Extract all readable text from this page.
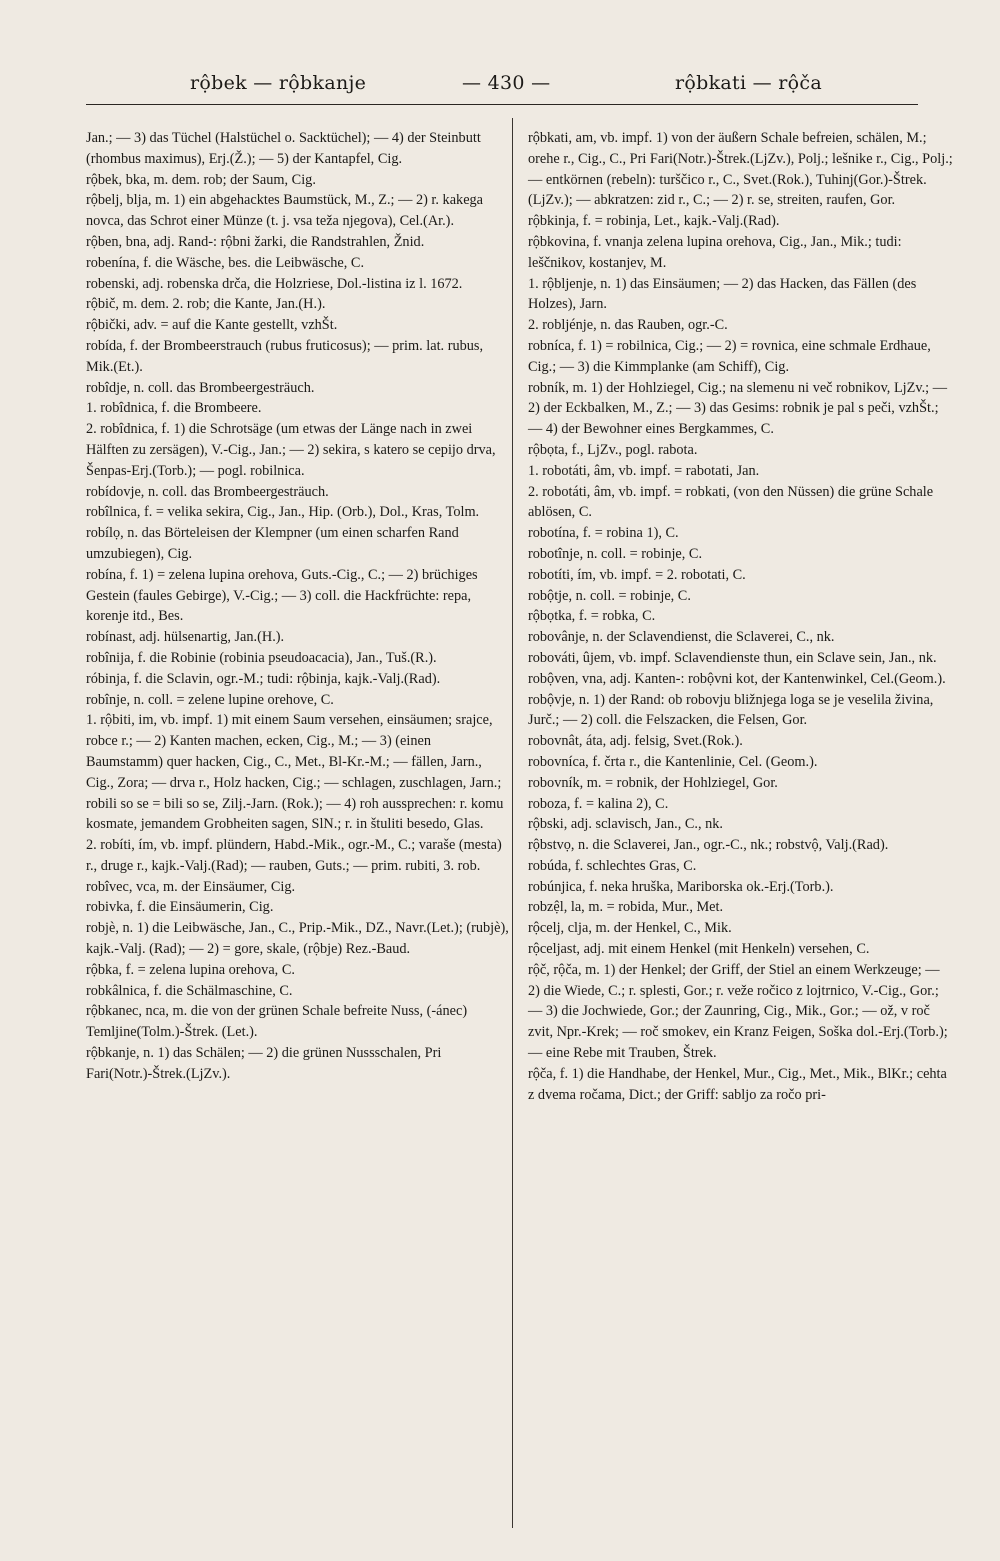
rộbek — rộbkanje	— 430 —	rộbkati — rộča

Jan.; — 3) das Tüchel (Halstüchel o. Sacktüchel); — 4) der Steinbutt (rhombus maximus), Erj.(Ž.); — 5) der Kantapfel, Cig.

rộbek, bka, m. dem. rob; der Saum, Cig.

rộbelj, blja, m. 1) ein abgehacktes Baumstück, M., Z.; — 2) r. kakega novca, das Schrot einer Münze (t. j. vsa teža njegova), Cel.(Ar.).

rộben, bna, adj. Rand-: rộbni žarki, die Randstrahlen, Žnid.

robenína, f. die Wäsche, bes. die Leibwäsche, C.

robenski, adj. robenska drča, die Holzriese, Dol.-listina iz l. 1672.

rộbič, m. dem. 2. rob; die Kante, Jan.(H.).

rộbički, adv. = auf die Kante gestellt, vzhŠt.

robída, f. der Brombeerstrauch (rubus fruticosus); — prim. lat. rubus, Mik.(Et.).

robîdje, n. coll. das Brombeergesträuch.

1. robîdnica, f. die Brombeere.

2. robîdnica, f. 1) die Schrotsäge (um etwas der Länge nach in zwei Hälften zu zersägen), V.-Cig., Jan.; — 2) sekira, s katero se cepijo drva, Šenpas-Erj.(Torb.); — pogl. robilnica.

robídovje, n. coll. das Brombeergesträuch.

robîlnica, f. = velika sekira, Cig., Jan., Hip. (Orb.), Dol., Kras, Tolm.

robílọ, n. das Börteleisen der Klempner (um einen scharfen Rand umzubiegen), Cig.

robína, f. 1) = zelena lupina orehova, Guts.-Cig., C.; — 2) brüchiges Gestein (faules Gebirge), V.-Cig.; — 3) coll. die Hackfrüchte: repa, korenje itd., Bes.

robínast, adj. hülsenartig, Jan.(H.).

robînija, f. die Robinie (robinia pseudoacacia), Jan., Tuš.(R.).

róbinja, f. die Sclavin, ogr.-M.; tudi: rộbinja, kajk.-Valj.(Rad).

robînje, n. coll. = zelene lupine orehove, C.

1. rộbiti, im, vb. impf. 1) mit einem Saum versehen, einsäumen; srajce, robce r.; — 2) Kanten machen, ecken, Cig., M.; — 3) (einen Baumstamm) quer hacken, Cig., C., Met., Bl-Kr.-M.; — fällen, Jarn., Cig., Zora; — drva r., Holz hacken, Cig.; — schlagen, zuschlagen, Jarn.; robili so se = bili so se, Zilj.-Jarn. (Rok.); — 4) roh aussprechen: r. komu kosmate, jemandem Grobheiten sagen, SlN.; r. in štuliti besedo, Glas.

2. robíti, ím, vb. impf. plündern, Habd.-Mik., ogr.-M., C.; varaše (mesta) r., druge r., kajk.-Valj.(Rad); — rauben, Guts.; — prim. rubiti, 3. rob.

robîvec, vca, m. der Einsäumer, Cig.

robivka, f. die Einsäumerin, Cig.

robjè, n. 1) die Leibwäsche, Jan., C., Prip.-Mik., DZ., Navr.(Let.); (rubjè), kajk.-Valj. (Rad); — 2) = gore, skale, (rộbje) Rez.-Baud.

rộbka, f. = zelena lupina orehova, C.

robkâlnica, f. die Schälmaschine, C.

rộbkanec, nca, m. die von der grünen Schale befreite Nuss, (-ánec) Temljine(Tolm.)-Štrek. (Let.).

rộbkanje, n. 1) das Schälen; — 2) die grünen Nussschalen, Pri Fari(Notr.)-Štrek.(LjZv.).

rộbkati, am, vb. impf. 1) von der äußern Schale befreien, schälen, M.; orehe r., Cig., C., Pri Fari(Notr.)-Štrek.(LjZv.), Polj.; lešnike r., Cig., Polj.; — entkörnen (rebeln): turščico r., C., Svet.(Rok.), Tuhinj(Gor.)-Štrek.(LjZv.); — abkratzen: zid r., C.; — 2) r. se, streiten, raufen, Gor.

rộbkinja, f. = robinja, Let., kajk.-Valj.(Rad).

rộbkovina, f. vnanja zelena lupina orehova, Cig., Jan., Mik.; tudi: leščnikov, kostanjev, M.

1. rộbljenje, n. 1) das Einsäumen; — 2) das Hacken, das Fällen (des Holzes), Jarn.

2. robljénje, n. das Rauben, ogr.-C.

robníca, f. 1) = robilnica, Cig.; — 2) = rovnica, eine schmale Erdhaue, Cig.; — 3) die Kimmplanke (am Schiff), Cig.

robník, m. 1) der Hohlziegel, Cig.; na slemenu ni več robnikov, LjZv.; — 2) der Eckbalken, M., Z.; — 3) das Gesims: robnik je pal s peči, vzhŠt.; — 4) der Bewohner eines Bergkammes, C.

rộbọta, f., LjZv., pogl. rabota.

1. robotáti, âm, vb. impf. = rabotati, Jan.

2. robotáti, âm, vb. impf. = robkati, (von den Nüssen) die grüne Schale ablösen, C.

robotína, f. = robina 1), C.

robotînje, n. coll. = robinje, C.

robotíti, ím, vb. impf. = 2. robotati, C.

robộtje, n. coll. = robinje, C.

rộbọtka, f. = robka, C.

robovânje, n. der Sclavendienst, die Sclaverei, C., nk.

robováti, ûjem, vb. impf. Sclavendienste thun, ein Sclave sein, Jan., nk.

robộven, vna, adj. Kanten-: robộvni kot, der Kantenwinkel, Cel.(Geom.).

robộvje, n. 1) der Rand: ob robovju bližnjega loga se je veselila živina, Jurč.; — 2) coll. die Felszacken, die Felsen, Gor.

robovnât, áta, adj. felsig, Svet.(Rok.).

robovníca, f. črta r., die Kantenlinie, Cel. (Geom.).

robovník, m. = robnik, der Hohlziegel, Gor.

roboza, f. = kalina 2), C.

rộbski, adj. sclavisch, Jan., C., nk.

rộbstvọ, n. die Sclaverei, Jan., ogr.-C., nk.; robstvộ, Valj.(Rad).

robúda, f. schlechtes Gras, C.

robúnjica, f. neka hruška, Mariborska ok.-Erj.(Torb.).

robzệl, la, m. = robida, Mur., Met.

rộcelj, clja, m. der Henkel, C., Mik.

rộceljast, adj. mit einem Henkel (mit Henkeln) versehen, C.

rộč, rộča, m. 1) der Henkel; der Griff, der Stiel an einem Werkzeuge; — 2) die Wiede, C.; r. splesti, Gor.; r. veže ročico z lojtrnico, V.-Cig., Gor.; — 3) die Jochwiede, Gor.; der Zaunring, Cig., Mik., Gor.; — ož, v roč zvit, Npr.-Krek; — roč smokev, ein Kranz Feigen, Soška dol.-Erj.(Torb.); — eine Rebe mit Trauben, Štrek.

rộča, f. 1) die Handhabe, der Henkel, Mur., Cig., Met., Mik., BlKr.; cehta z dvema ročama, Dict.; der Griff: sabljo za ročo pri-
